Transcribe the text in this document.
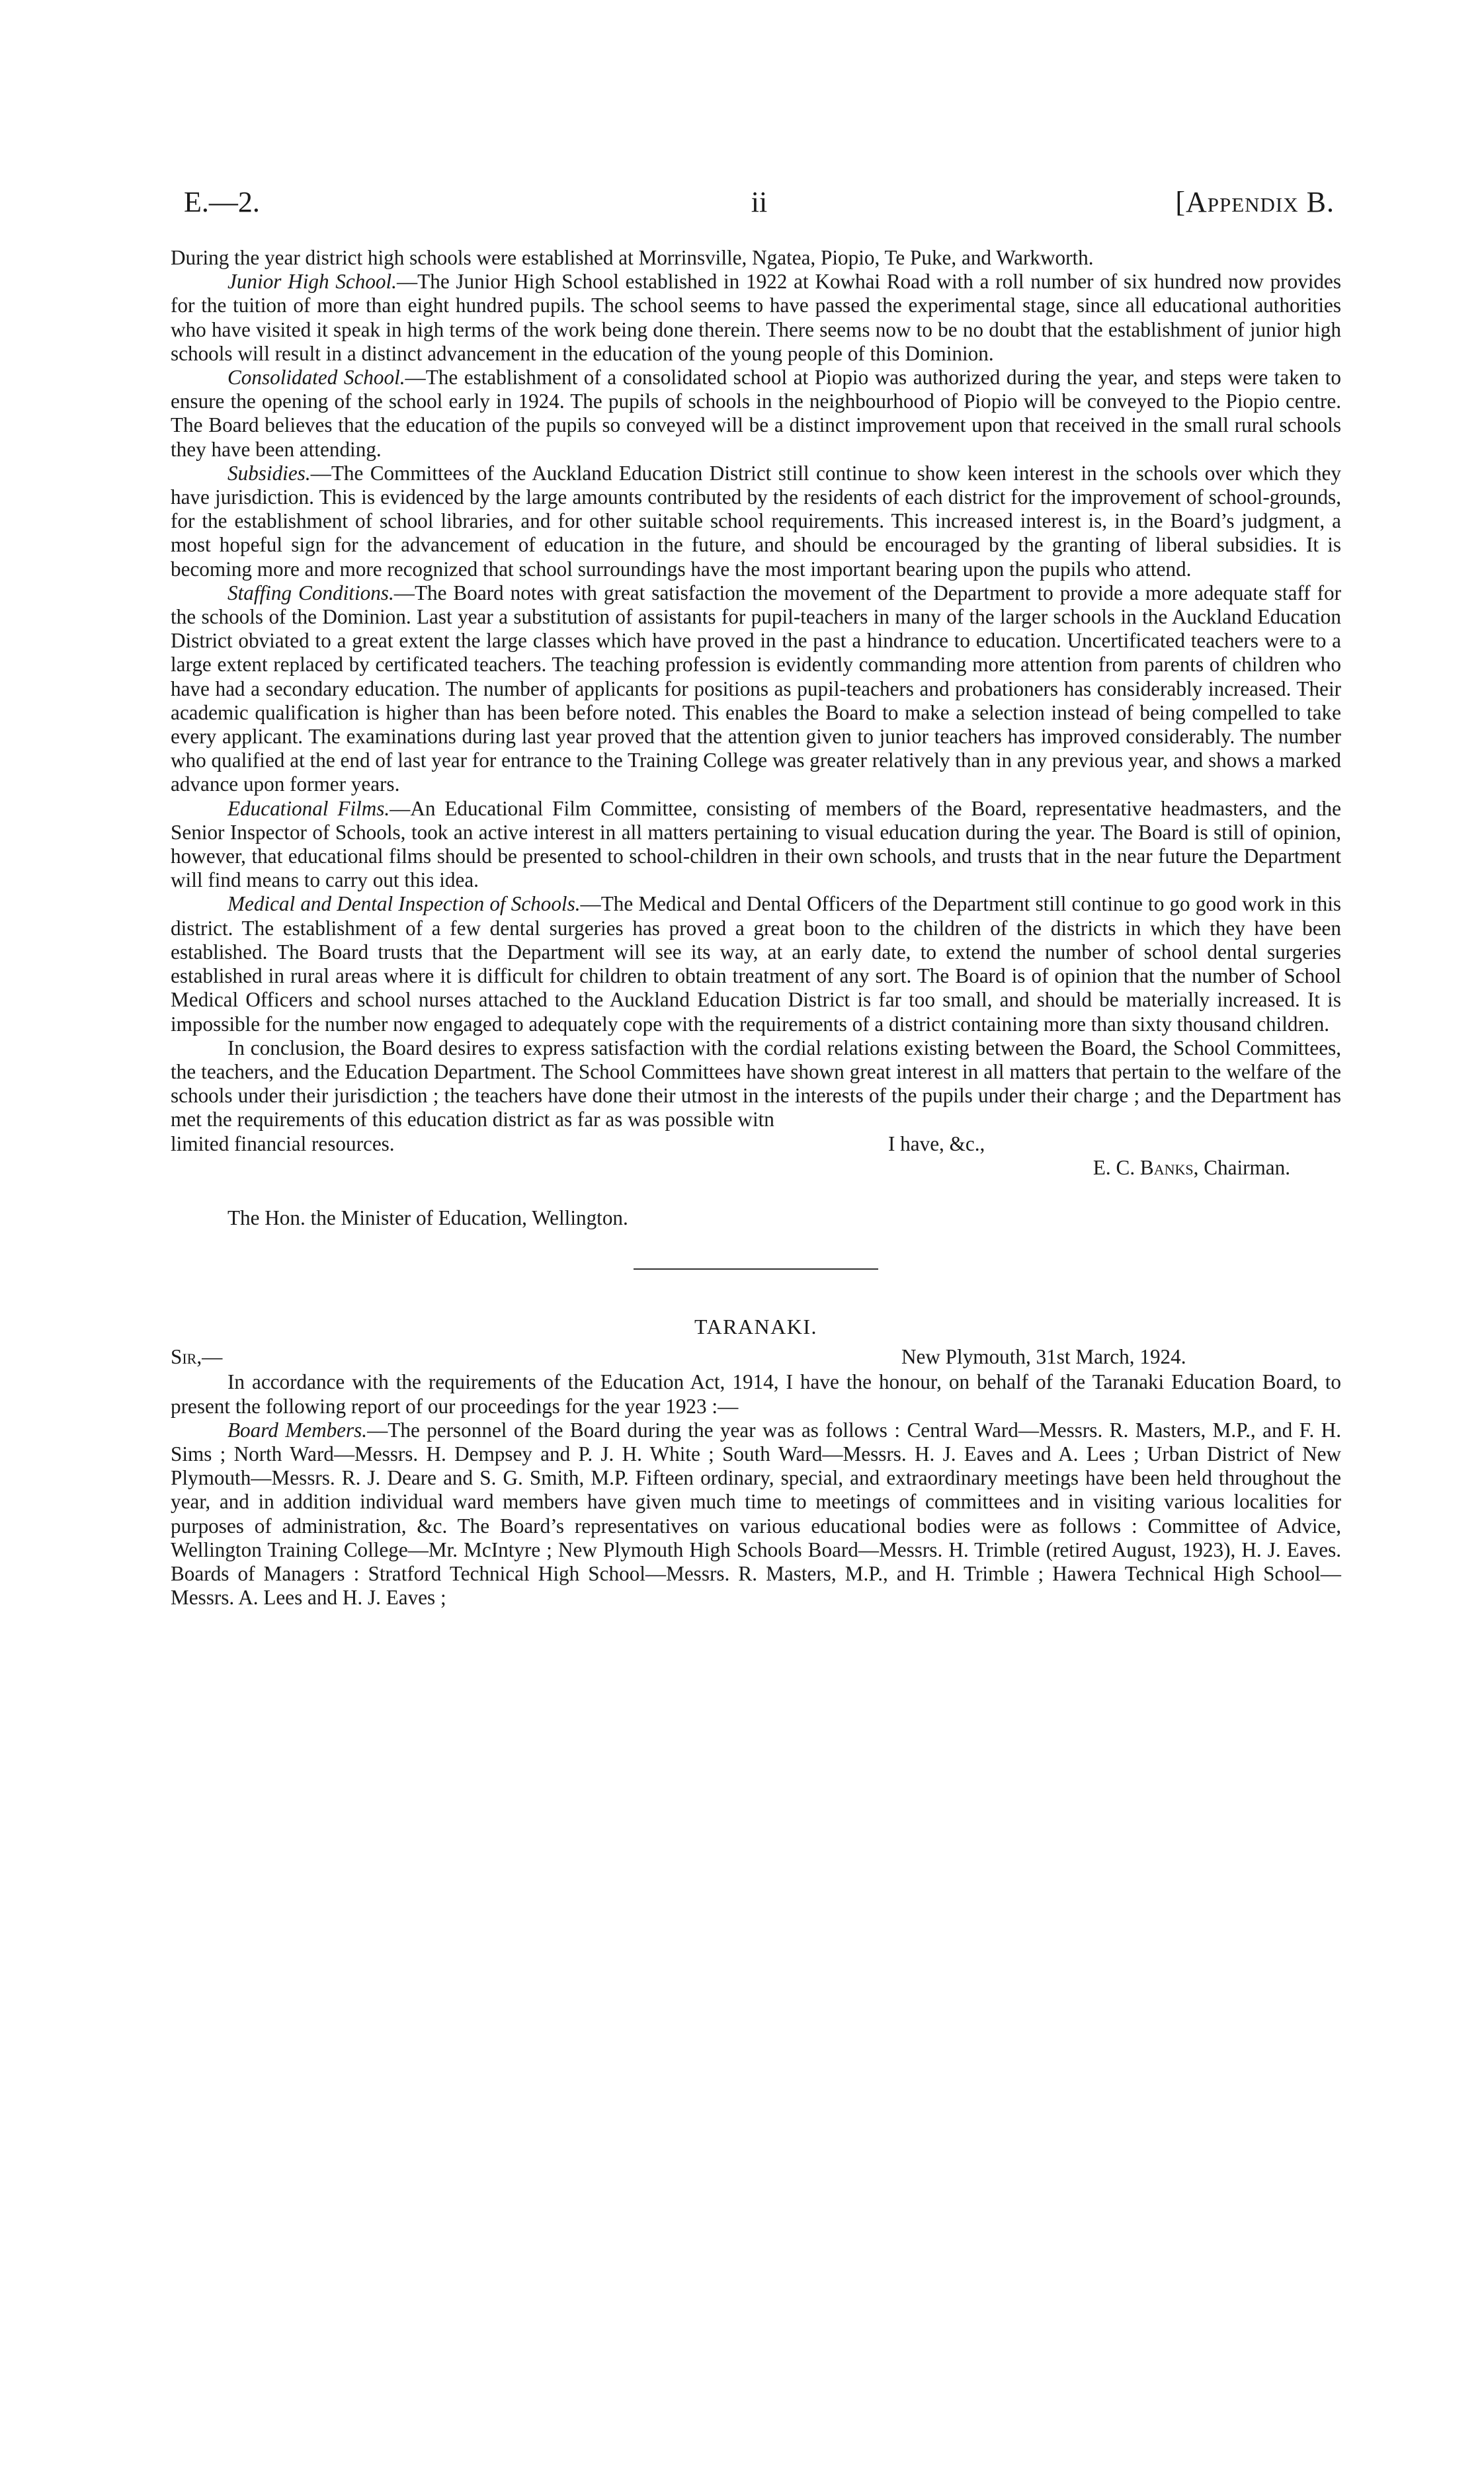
E.—2.	ii	[Appendix B.

During the year district high schools were established at Morrinsville, Ngatea, Piopio, Te Puke, and Warkworth.

Junior High School.—The Junior High School established in 1922 at Kowhai Road with a roll number of six hundred now provides for the tuition of more than eight hundred pupils. The school seems to have passed the experimental stage, since all educational authorities who have visited it speak in high terms of the work being done therein. There seems now to be no doubt that the establishment of junior high schools will result in a distinct advancement in the education of the young people of this Dominion.

Consolidated School.—The establishment of a consolidated school at Piopio was authorized during the year, and steps were taken to ensure the opening of the school early in 1924. The pupils of schools in the neighbourhood of Piopio will be conveyed to the Piopio centre. The Board believes that the education of the pupils so conveyed will be a distinct improvement upon that received in the small rural schools they have been attending.

Subsidies.—The Committees of the Auckland Education District still continue to show keen interest in the schools over which they have jurisdiction. This is evidenced by the large amounts contributed by the residents of each district for the improvement of school-grounds, for the establishment of school libraries, and for other suitable school requirements. This increased interest is, in the Board’s judgment, a most hopeful sign for the advancement of education in the future, and should be encouraged by the granting of liberal subsidies. It is becoming more and more recognized that school surroundings have the most important bearing upon the pupils who attend.

Staffing Conditions.—The Board notes with great satisfaction the movement of the Department to provide a more adequate staff for the schools of the Dominion. Last year a substitution of assistants for pupil-teachers in many of the larger schools in the Auckland Education District obviated to a great extent the large classes which have proved in the past a hindrance to education. Uncertificated teachers were to a large extent replaced by certificated teachers. The teaching profession is evidently commanding more attention from parents of children who have had a secondary education. The number of applicants for positions as pupil-teachers and probationers has considerably increased. Their academic qualification is higher than has been before noted. This enables the Board to make a selection instead of being compelled to take every applicant. The examinations during last year proved that the attention given to junior teachers has improved considerably. The number who qualified at the end of last year for entrance to the Training College was greater relatively than in any previous year, and shows a marked advance upon former years.

Educational Films.—An Educational Film Committee, consisting of members of the Board, representative headmasters, and the Senior Inspector of Schools, took an active interest in all matters pertaining to visual education during the year. The Board is still of opinion, however, that educational films should be presented to school-children in their own schools, and trusts that in the near future the Department will find means to carry out this idea.

Medical and Dental Inspection of Schools.—The Medical and Dental Officers of the Department still continue to go good work in this district. The establishment of a few dental surgeries has proved a great boon to the children of the districts in which they have been established. The Board trusts that the Department will see its way, at an early date, to extend the number of school dental surgeries established in rural areas where it is difficult for children to obtain treatment of any sort. The Board is of opinion that the number of School Medical Officers and school nurses attached to the Auckland Education District is far too small, and should be materially increased. It is impossible for the number now engaged to adequately cope with the requirements of a district containing more than sixty thousand children.

In conclusion, the Board desires to express satisfaction with the cordial relations existing between the Board, the School Committees, the teachers, and the Education Department. The School Committees have shown great interest in all matters that pertain to the welfare of the schools under their jurisdiction ; the teachers have done their utmost in the interests of the pupils under their charge ; and the Department has met the requirements of this education district as far as was possible witn

limited financial resources.	I have, &c.,
E. C. Banks, Chairman.
The Hon. the Minister of Education, Wellington.
TARANAKI.
Sir,—	New Plymouth, 31st March, 1924.

In accordance with the requirements of the Education Act, 1914, I have the honour, on behalf of the Taranaki Education Board, to present the following report of our proceedings for the year 1923 :—

Board Members.—The personnel of the Board during the year was as follows : Central Ward—Messrs. R. Masters, M.P., and F. H. Sims ; North Ward—Messrs. H. Dempsey and P. J. H. White ; South Ward—Messrs. H. J. Eaves and A. Lees ; Urban District of New Plymouth—Messrs. R. J. Deare and S. G. Smith, M.P. Fifteen ordinary, special, and extraordinary meetings have been held throughout the year, and in addition individual ward members have given much time to meetings of committees and in visiting various localities for purposes of administration, &c. The Board’s representatives on various educational bodies were as follows : Committee of Advice, Wellington Training College—Mr. McIntyre ; New Plymouth High Schools Board—Messrs. H. Trimble (retired August, 1923), H. J. Eaves. Boards of Managers : Stratford Technical High School—Messrs. R. Masters, M.P., and H. Trimble ; Hawera Technical High School—Messrs. A. Lees and H. J. Eaves ;
